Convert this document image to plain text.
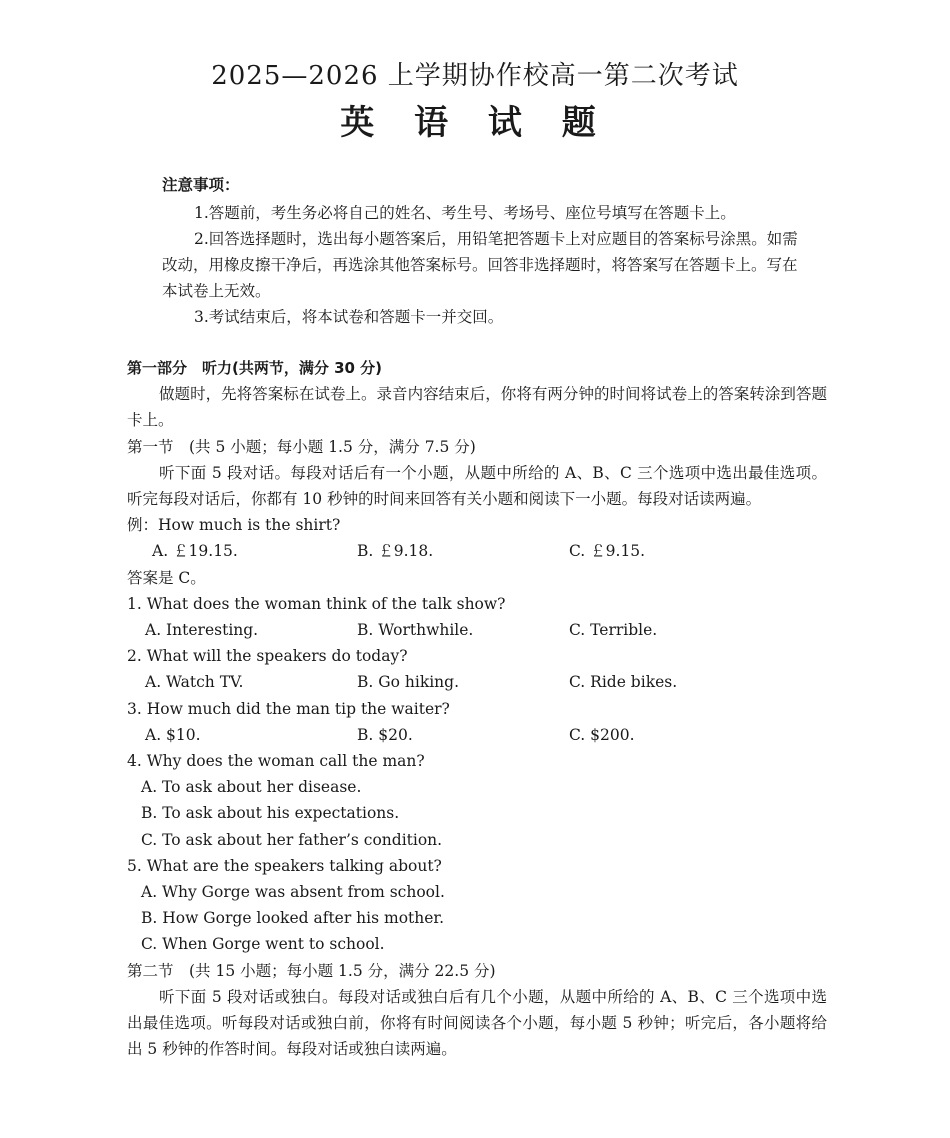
2025—2026 上学期协作校高一第二次考试
英 语 试 题
注意事项：
1.答题前，考生务必将自己的姓名、考生号、考场号、座位号填写在答题卡上。
2.回答选择题时，选出每小题答案后，用铅笔把答题卡上对应题目的答案标号涂黑。如需改动，用橡皮擦干净后，再选涂其他答案标号。回答非选择题时，将答案写在答题卡上。写在本试卷上无效。
3.考试结束后，将本试卷和答题卡一并交回。
第一部分　听力(共两节，满分 30 分)
做题时，先将答案标在试卷上。录音内容结束后，你将有两分钟的时间将试卷上的答案转涂到答题卡上。
第一节　(共 5 小题；每小题 1.5 分，满分 7.5 分)
听下面 5 段对话。每段对话后有一个小题，从题中所给的 A、B、C 三个选项中选出最佳选项。听完每段对话后，你都有 10 秒钟的时间来回答有关小题和阅读下一小题。每段对话读两遍。
例：How much is the shirt?
A. ￡19.15.	B. ￡9.18.	C. ￡9.15.
答案是 C。
1. What does the woman think of the talk show?
A. Interesting.	B. Worthwhile.	C. Terrible.
2. What will the speakers do today?
A. Watch TV.	B. Go hiking.	C. Ride bikes.
3. How much did the man tip the waiter?
A. $10.	B. $20.	C. $200.
4. Why does the woman call the man?
A. To ask about her disease.
B. To ask about his expectations.
C. To ask about her father’s condition.
5. What are the speakers talking about?
A. Why Gorge was absent from school.
B. How Gorge looked after his mother.
C. When Gorge went to school.
第二节　(共 15 小题；每小题 1.5 分，满分 22.5 分)
听下面 5 段对话或独白。每段对话或独白后有几个小题，从题中所给的 A、B、C 三个选项中选出最佳选项。听每段对话或独白前，你将有时间阅读各个小题，每小题 5 秒钟；听完后，各小题将给出 5 秒钟的作答时间。每段对话或独白读两遍。
